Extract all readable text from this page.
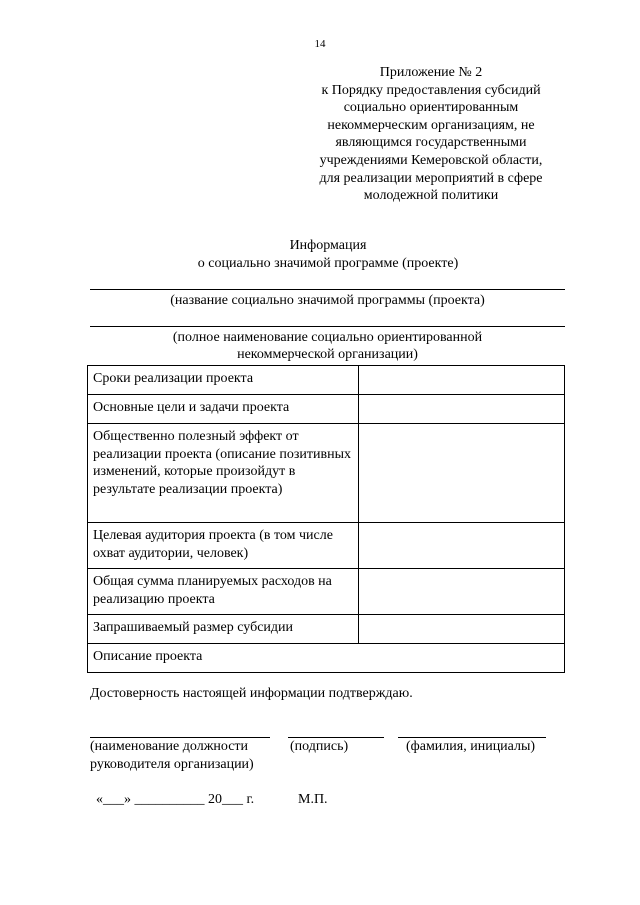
14
Приложение № 2
к Порядку предоставления субсидий
социально ориентированным
некоммерческим организациям, не
являющимся государственными
учреждениями Кемеровской области,
для реализации мероприятий в сфере
молодежной политики
Информация
о социально значимой программе (проекте)
(название социально значимой программы (проекта)
(полное наименование социально ориентированной
некоммерческой организации)
Сроки реализации проекта	
Основные цели и задачи проекта	
Общественно полезный эффект от реализации проекта (описание позитивных изменений, которые произойдут в результате реализации проекта)	
Целевая аудитория проекта (в том числе охват аудитории, человек)	
Общая сумма планируемых расходов на реализацию проекта	
Запрашиваемый размер субсидии	
Описание проекта	
Достоверность настоящей информации подтверждаю.
(наименование должности
руководителя организации)
(подпись)	(фамилия, инициалы)
«___» __________ 20___ г.	М.П.
